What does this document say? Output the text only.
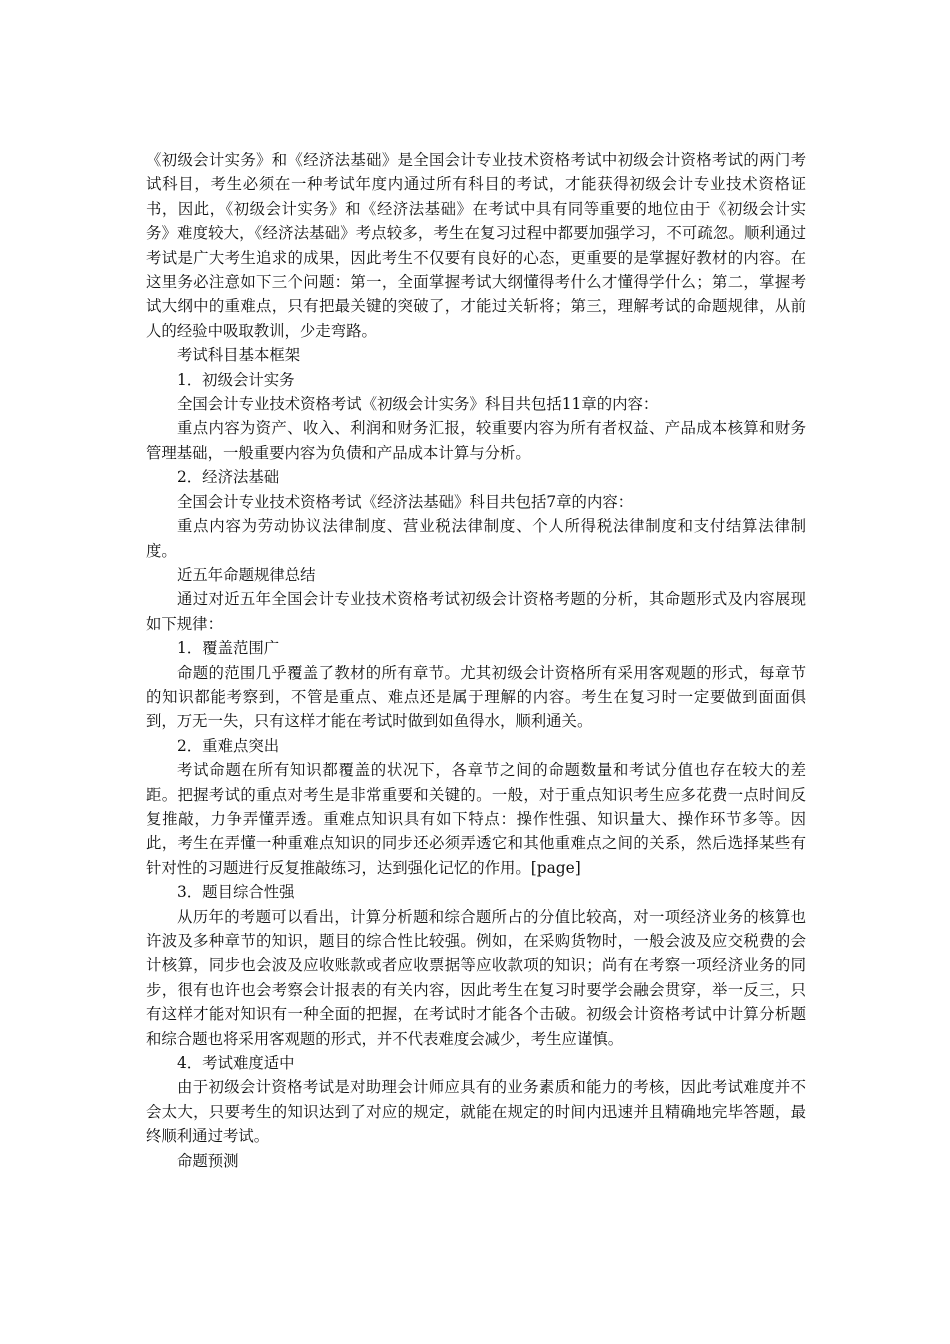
《初级会计实务》和《经济法基础》是全国会计专业技术资格考试中初级会计资格考试的两门考试科目，考生必须在一种考试年度内通过所有科目的考试，才能获得初级会计专业技术资格证书，因此，《初级会计实务》和《经济法基础》在考试中具有同等重要的地位由于《初级会计实务》难度较大，《经济法基础》考点较多，考生在复习过程中都要加强学习，不可疏忽。顺利通过考试是广大考生追求的成果，因此考生不仅要有良好的心态，更重要的是掌握好教材的内容。在这里务必注意如下三个问题：第一，全面掌握考试大纲懂得考什么才懂得学什么；第二，掌握考试大纲中的重难点，只有把最关键的突破了，才能过关斩将；第三，理解考试的命题规律，从前人的经验中吸取教训，少走弯路。

考试科目基本框架

1．初级会计实务

全国会计专业技术资格考试《初级会计实务》科目共包括11章的内容：

重点内容为资产、收入、利润和财务汇报，较重要内容为所有者权益、产品成本核算和财务管理基础，一般重要内容为负债和产品成本计算与分析。

2．经济法基础

全国会计专业技术资格考试《经济法基础》科目共包括7章的内容：

重点内容为劳动协议法律制度、营业税法律制度、个人所得税法律制度和支付结算法律制度。

近五年命题规律总结

通过对近五年全国会计专业技术资格考试初级会计资格考题的分析，其命题形式及内容展现如下规律：

1．覆盖范围广

命题的范围几乎覆盖了教材的所有章节。尤其初级会计资格所有采用客观题的形式，每章节的知识都能考察到，不管是重点、难点还是属于理解的内容。考生在复习时一定要做到面面俱到，万无一失，只有这样才能在考试时做到如鱼得水，顺利通关。

2．重难点突出

考试命题在所有知识都覆盖的状况下，各章节之间的命题数量和考试分值也存在较大的差距。把握考试的重点对考生是非常重要和关键的。一般，对于重点知识考生应多花费一点时间反复推敲，力争弄懂弄透。重难点知识具有如下特点：操作性强、知识量大、操作环节多等。因此，考生在弄懂一种重难点知识的同步还必须弄透它和其他重难点之间的关系，然后选择某些有针对性的习题进行反复推敲练习，达到强化记忆的作用。[page]

3．题目综合性强

从历年的考题可以看出，计算分析题和综合题所占的分值比较高，对一项经济业务的核算也许波及多种章节的知识，题目的综合性比较强。例如，在采购货物时，一般会波及应交税费的会计核算，同步也会波及应收账款或者应收票据等应收款项的知识；尚有在考察一项经济业务的同步，很有也许也会考察会计报表的有关内容，因此考生在复习时要学会融会贯穿，举一反三，只有这样才能对知识有一种全面的把握，在考试时才能各个击破。初级会计资格考试中计算分析题和综合题也将采用客观题的形式，并不代表难度会减少，考生应谨慎。

4．考试难度适中

由于初级会计资格考试是对助理会计师应具有的业务素质和能力的考核，因此考试难度并不会太大，只要考生的知识达到了对应的规定，就能在规定的时间内迅速并且精确地完毕答题，最终顺利通过考试。

命题预测
